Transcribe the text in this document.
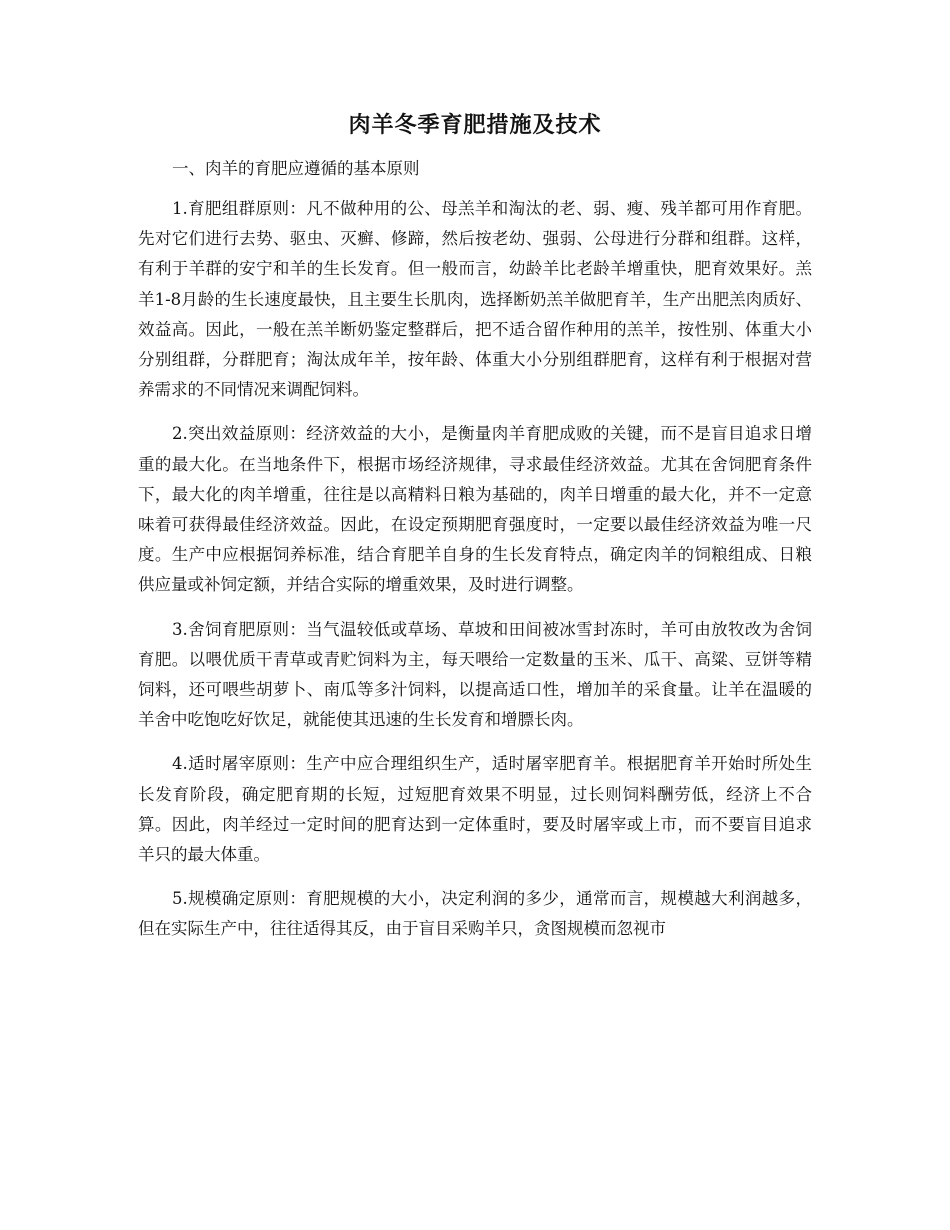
肉羊冬季育肥措施及技术

一、肉羊的育肥应遵循的基本原则

1.育肥组群原则：凡不做种用的公、母羔羊和淘汰的老、弱、瘦、残羊都可用作育肥。先对它们进行去势、驱虫、灭癣、修蹄，然后按老幼、强弱、公母进行分群和组群。这样，有利于羊群的安宁和羊的生长发育。但一般而言，幼龄羊比老龄羊增重快，肥育效果好。羔羊1-8月龄的生长速度最快，且主要生长肌肉，选择断奶羔羊做肥育羊，生产出肥羔肉质好、效益高。因此，一般在羔羊断奶鉴定整群后，把不适合留作种用的羔羊，按性别、体重大小分别组群，分群肥育；淘汰成年羊，按年龄、体重大小分别组群肥育，这样有利于根据对营养需求的不同情况来调配饲料。

2.突出效益原则：经济效益的大小，是衡量肉羊育肥成败的关键，而不是盲目追求日增重的最大化。在当地条件下，根据市场经济规律，寻求最佳经济效益。尤其在舍饲肥育条件下，最大化的肉羊增重，往往是以高精料日粮为基础的，肉羊日增重的最大化，并不一定意味着可获得最佳经济效益。因此，在设定预期肥育强度时，一定要以最佳经济效益为唯一尺度。生产中应根据饲养标准，结合育肥羊自身的生长发育特点，确定肉羊的饲粮组成、日粮供应量或补饲定额，并结合实际的增重效果，及时进行调整。

3.舍饲育肥原则：当气温较低或草场、草坡和田间被冰雪封冻时，羊可由放牧改为舍饲育肥。以喂优质干青草或青贮饲料为主，每天喂给一定数量的玉米、瓜干、高粱、豆饼等精饲料，还可喂些胡萝卜、南瓜等多汁饲料，以提高适口性，增加羊的采食量。让羊在温暖的羊舍中吃饱吃好饮足，就能使其迅速的生长发育和增膘长肉。

4.适时屠宰原则：生产中应合理组织生产，适时屠宰肥育羊。根据肥育羊开始时所处生长发育阶段，确定肥育期的长短，过短肥育效果不明显，过长则饲料酬劳低，经济上不合算。因此，肉羊经过一定时间的肥育达到一定体重时，要及时屠宰或上市，而不要盲目追求羊只的最大体重。

5.规模确定原则：育肥规模的大小，决定利润的多少，通常而言，规模越大利润越多，但在实际生产中，往往适得其反，由于盲目采购羊只，贪图规模而忽视市
